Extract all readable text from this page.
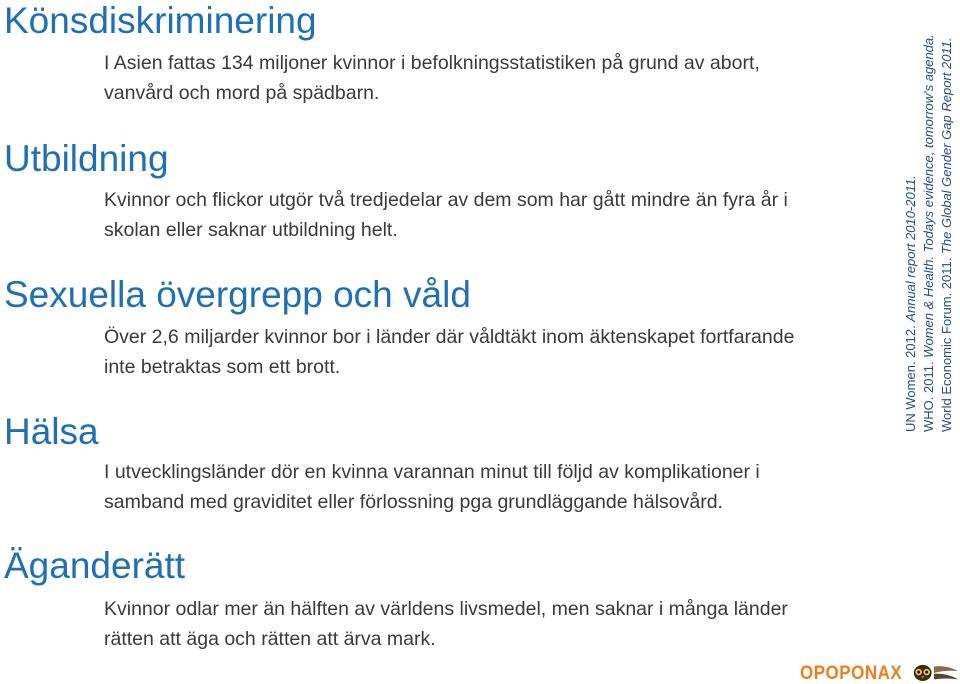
Könsdiskriminering

I Asien fattas 134 miljoner kvinnor i befolkningsstatistiken på grund av abort, vanvård och mord på spädbarn.

Utbildning

Kvinnor och flickor utgör två tredjedelar av dem som har gått mindre än fyra år i skolan eller saknar utbildning helt.

Sexuella övergrepp och våld

Över 2,6 miljarder kvinnor bor i länder där våldtäkt inom äktenskapet fortfarande inte betraktas som ett brott.

Hälsa

I utvecklingsländer dör en kvinna varannan minut till följd av komplikationer i samband med graviditet eller förlossning pga grundläggande hälsovård.

Äganderätt

Kvinnor odlar mer än hälften av världens livsmedel, men saknar i många länder rätten att äga och rätten att ärva mark.

UN Women. 2012. Annual report 2010-2011.
WHO. 2011. Women & Health. Todays evidence, tomorrow's agenda. World Economic Forum. 2011. The Global Gender Gap Report 2011.
OPOPONAX
